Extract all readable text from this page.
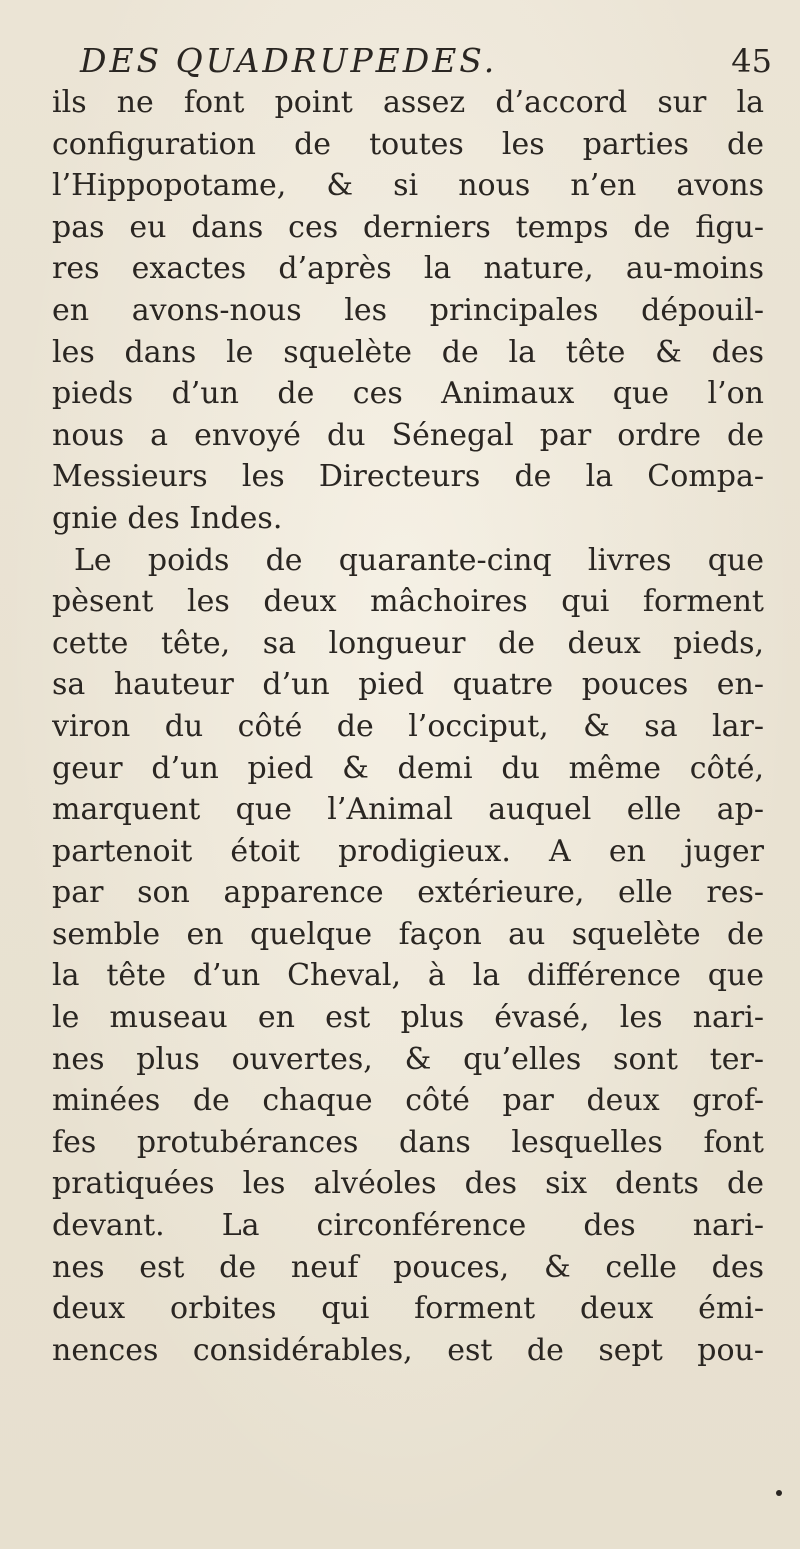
DES QUADRUPEDES.	45
ils ne font point assez d’accord sur la
configuration de toutes les parties de
l’Hippopotame, & si nous n’en avons
pas eu dans ces derniers temps de figu-
res exactes d’après la nature, au-moins
en avons-nous les principales dépouil-
les dans le squelète de la tête & des
pieds d’un de ces Animaux que l’on
nous a envoyé du Sénegal par ordre de
Messieurs les Directeurs de la Compa-
gnie des Indes.
Le poids de quarante-cinq livres que
pèsent les deux mâchoires qui forment
cette tête, sa longueur de deux pieds,
sa hauteur d’un pied quatre pouces en-
viron du côté de l’occiput, & sa lar-
geur d’un pied & demi du même côté,
marquent que l’Animal auquel elle ap-
partenoit étoit prodigieux. A en juger
par son apparence extérieure, elle res-
semble en quelque façon au squelète de
la tête d’un Cheval, à la différence que
le museau en est plus évasé, les nari-
nes plus ouvertes, & qu’elles sont ter-
minées de chaque côté par deux grof-
fes protubérances dans lesquelles font
pratiquées les alvéoles des six dents de
devant. La circonférence des nari-
nes est de neuf pouces, & celle des
deux orbites qui forment deux émi-
nences considérables, est de sept pou-
